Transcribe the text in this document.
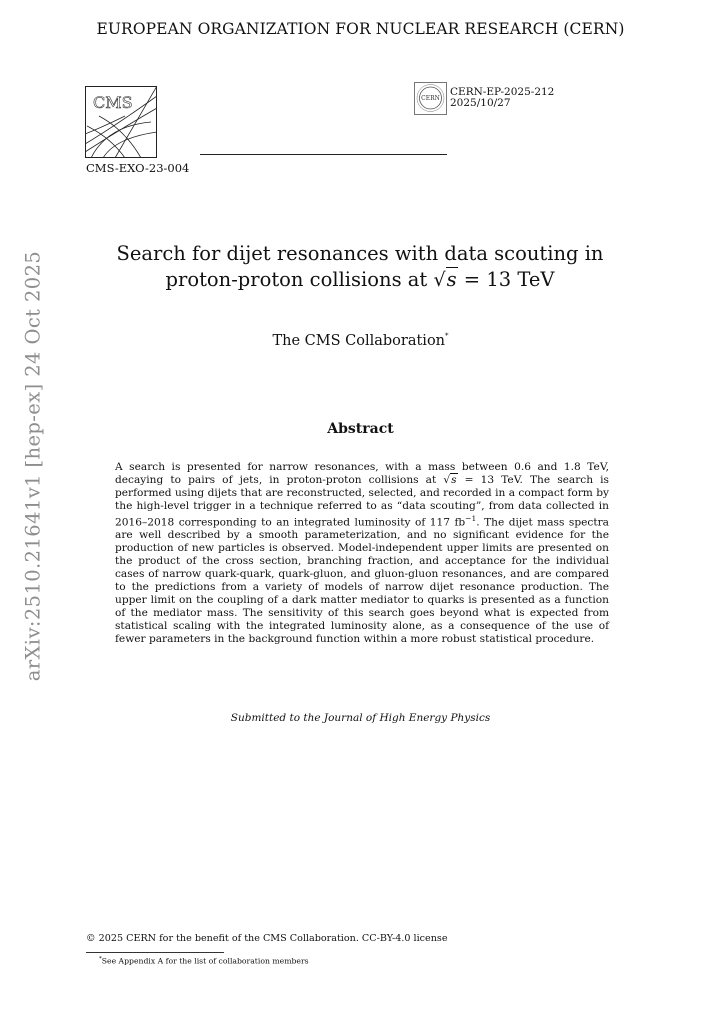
EUROPEAN ORGANIZATION FOR NUCLEAR RESEARCH (CERN)
CMS	CERN
CERN-EP-2025-212
2025/10/27
CMS-EXO-23-004
arXiv:2510.21641v1 [hep-ex] 24 Oct 2025	Search for dijet resonances with data scouting in
proton-proton collisions at √s = 13 TeV
The CMS Collaboration*
Abstract
A search is presented for narrow resonances, with a mass between 0.6 and 1.8 TeV, decaying to pairs of jets, in proton-proton collisions at √s = 13 TeV. The search is performed using dijets that are reconstructed, selected, and recorded in a compact form by the high-level trigger in a technique referred to as “data scouting”, from data collected in 2016–2018 corresponding to an integrated luminosity of 117 $fb^{-1}$. The dijet mass spectra are well described by a smooth parameterization, and no significant evidence for the production of new particles is observed. Model-independent upper limits are presented on the product of the cross section, branching fraction, and acceptance for the individual cases of narrow quark-quark, quark-gluon, and gluon-gluon resonances, and are compared to the predictions from a variety of models of narrow dijet resonance production. The upper limit on the coupling of a dark matter mediator to quarks is presented as a function of the mediator mass. The sensitivity of this search goes beyond what is expected from statistical scaling with the integrated luminosity alone, as a consequence of the use of fewer parameters in the background function within a more robust statistical procedure.
Submitted to the Journal of High Energy Physics
© 2025 CERN for the benefit of the CMS Collaboration. CC-BY-4.0 license
*See Appendix A for the list of collaboration members
